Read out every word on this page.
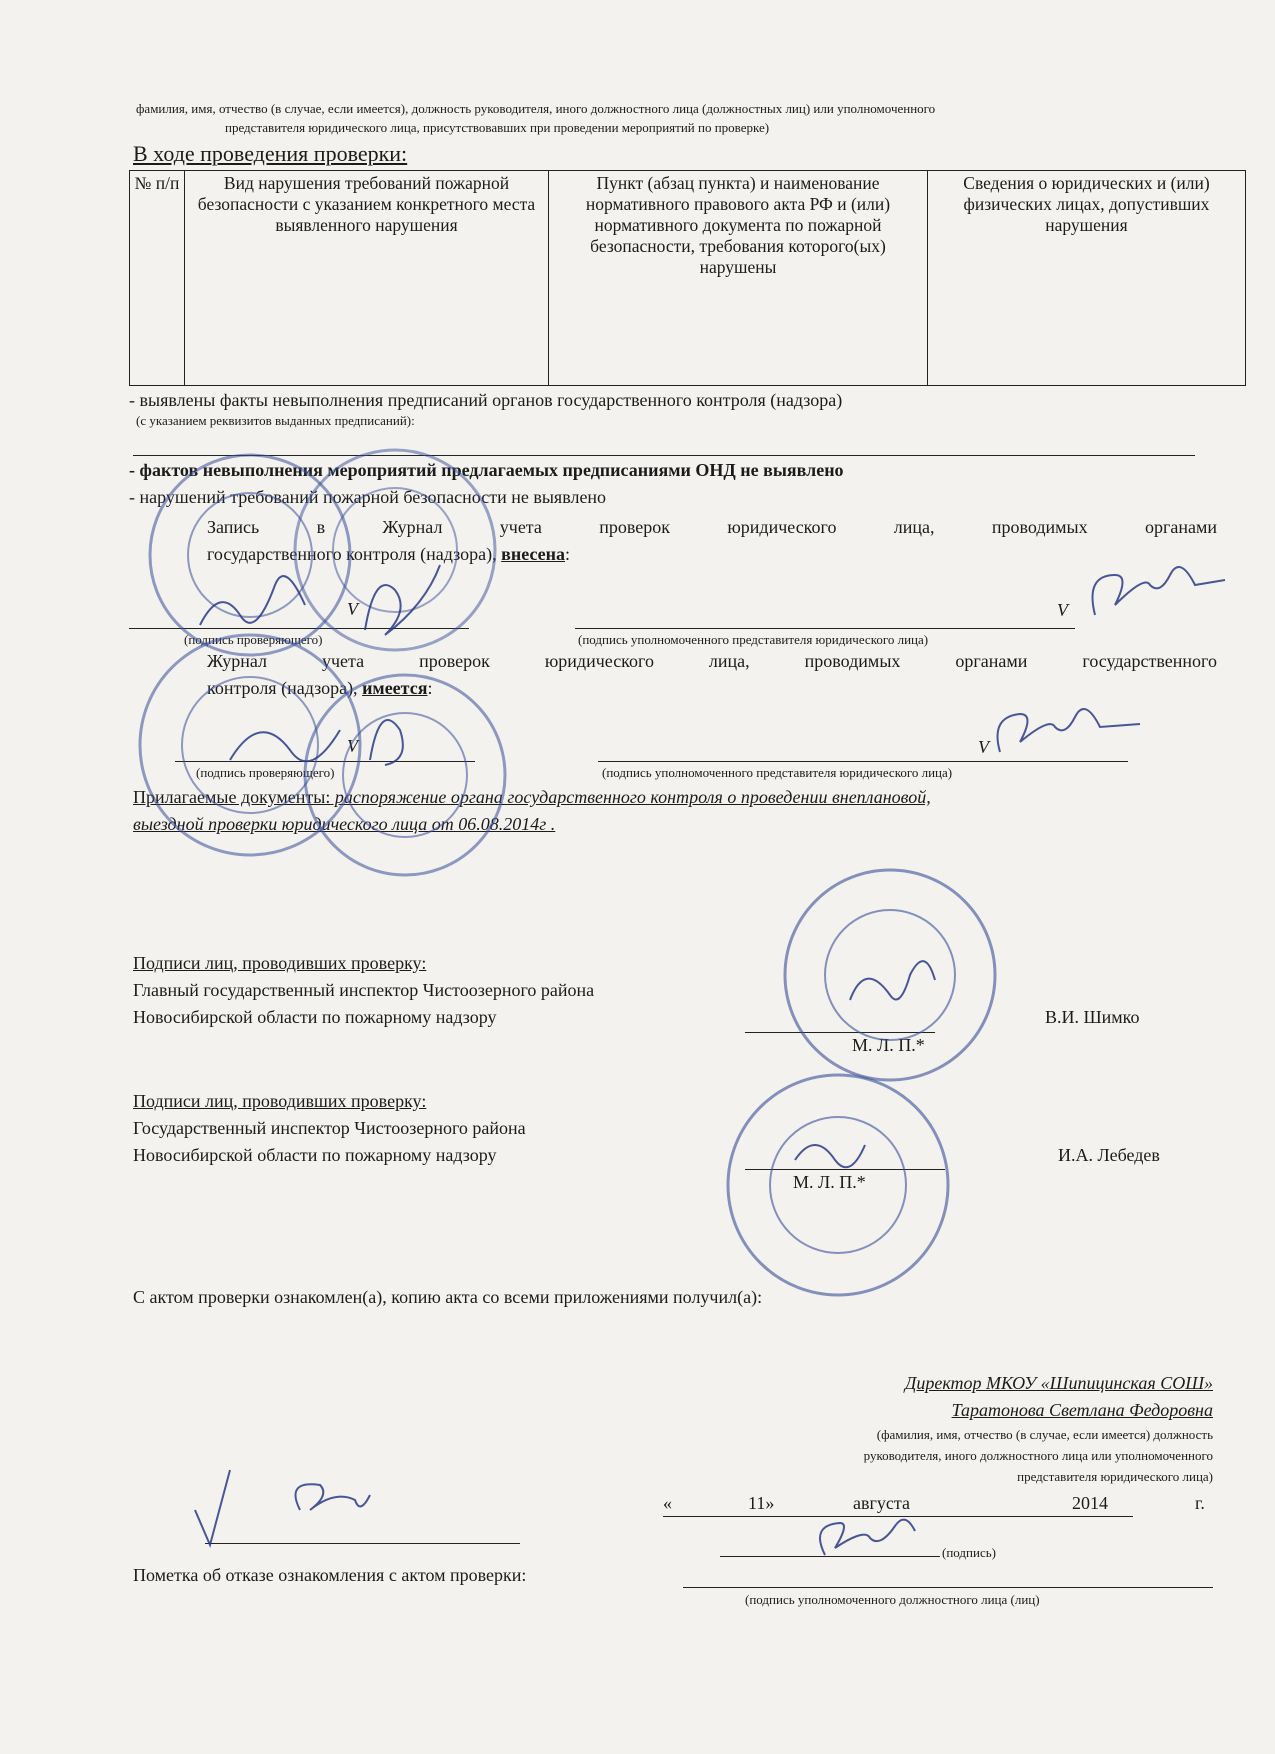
фамилия, имя, отчество (в случае, если имеется), должность руководителя, иного должностного лица (должностных лиц) или уполномоченного
представителя юридического лица, присутствовавших при проведении мероприятий по проверке)
В ходе проведения проверки:
№ п/п	Вид нарушения требований пожарной безопасности с указанием конкретного места выявленного нарушения	Пункт (абзац пункта) и наименование нормативного правового акта РФ и (или) нормативного документа по пожарной безопасности, требования которого(ых) нарушены	Сведения о юридических и (или) физических лицах, допустивших нарушения
- выявлены факты невыполнения предписаний органов государственного контроля (надзора)
(с указанием реквизитов выданных предписаний):
- фактов невыполнения мероприятий предлагаемых предписаниями ОНД не выявлено
- нарушений требований пожарной безопасности не выявлено
Запись в Журнал учета проверок юридического лица, проводимых органами
государственного контроля (надзора), внесена:
V	V
(подпись проверяющего)	(подпись уполномоченного представителя юридического лица)
Журнал учета проверок юридического лица, проводимых органами государственного
контроля (надзора), имеется:
V	V
(подпись проверяющего)	(подпись уполномоченного представителя юридического лица)
Прилагаемые документы: распоряжение органа государственного контроля о проведении внеплановой,
выездной проверки юридического лица от 06.08.2014г .
Подписи лиц, проводивших проверку:
Главный государственный инспектор Чистоозерного района
Новосибирской области по пожарному надзору	В.И. Шимко
М. Л. П.*
Подписи лиц, проводивших проверку:
Государственный инспектор Чистоозерного района
Новосибирской области по пожарному надзору	И.А. Лебедев
М. Л. П.*
С актом проверки ознакомлен(а), копию акта со всеми приложениями получил(а):
Директор МКОУ «Шипицинская СОШ»
Таратонова Светлана Федоровна
(фамилия, имя, отчество (в случае, если имеется) должность
руководителя, иного должностного лица или уполномоченного
представителя юридического лица)
«	11»	августа	2014	г.
(подпись)
Пометка об отказе ознакомления с актом проверки:
(подпись уполномоченного должностного лица (лиц)
